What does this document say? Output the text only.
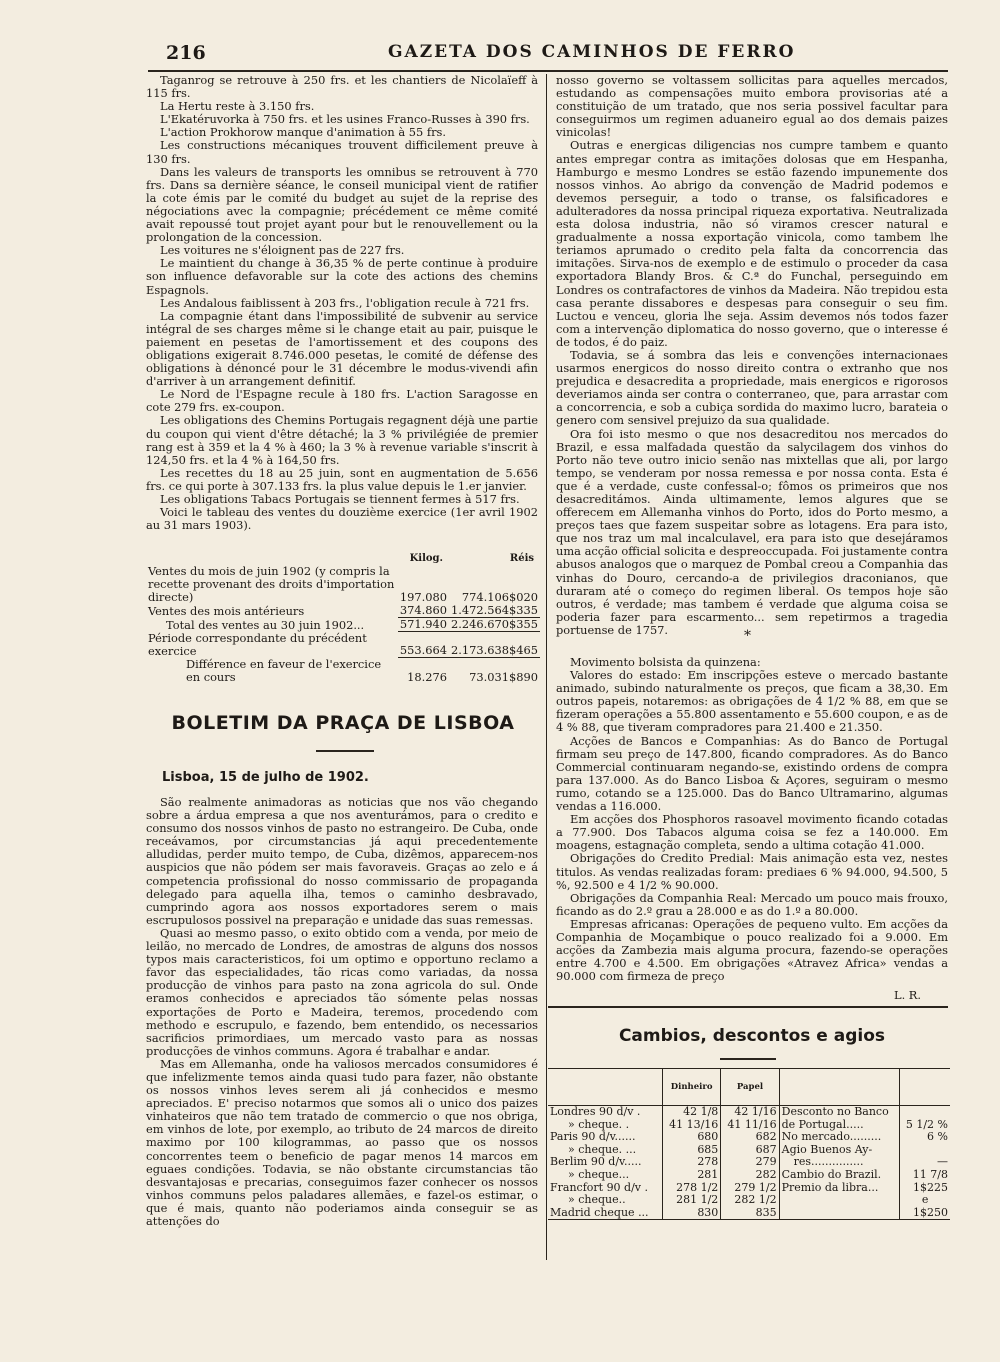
216	GAZETA DOS CAMINHOS DE FERRO

Taganrog se retrouve à 250 frs. et les chantiers de Nicolaïeff à 115 frs.

La Hertu reste à 3.150 frs.

L'Ekatéruvorka à 750 frs. et les usines Franco-Russes à 390 frs.

L'action Prokhorow manque d'animation à 55 frs.

Les constructions mécaniques trouvent difficilement preuve à 130 frs.

Dans les valeurs de transports les omnibus se retrouvent à 770 frs. Dans sa dernière séance, le conseil municipal vient de ratifier la cote émis par le comité du budget au sujet de la reprise des négociations avec la compagnie; précédement ce même comité avait repoussé tout projet ayant pour but le renouvellement ou la prolongation de la concession.

Les voitures ne s'éloignent pas de 227 frs.

Le maintient du change à 36,35 % de perte continue à produire son influence defavorable sur la cote des actions des chemins Espagnols.

Les Andalous faiblissent à 203 frs., l'obligation recule à 721 frs.

La compagnie étant dans l'impossibilité de subvenir au service intégral de ses charges même si le change etait au pair, puisque le paiement en pesetas de l'amortissement et des coupons des obligations exigerait 8.746.000 pesetas, le comité de défense des obligations à dénoncé pour le 31 décembre le modus-vivendi afin d'arriver à un arrangement definitif.

Le Nord de l'Espagne recule à 180 frs. L'action Saragosse en cote 279 frs. ex-coupon.

Les obligations des Chemins Portugais regagnent déjà une partie du coupon qui vient d'être détaché; la 3 % privilégiée de premier rang est à 359 et la 4 % à 460; la 3 % à revenue variable s'inscrit à 124,50 frs. et la 4 % à 164,50 frs.

Les recettes du 18 au 25 juin, sont en augmentation de 5.656 frs. ce qui porte à 307.133 frs. la plus value depuis le 1.er janvier.

Les obligations Tabacs Portugais se tiennent fermes à 517 frs.

Voici le tableau des ventes du douzième exercice (1er avril 1902 au 31 mars 1903).

	Kilog.	Réis
Ventes du mois de juin 1902 (y compris la recette provenant des droits d'importation directe)	197.080	774.106$020
Ventes des mois antérieurs	374.860	1.472.564$335
Total des ventes au 30 juin 1902...	571.940	2.246.670$355
Période correspondante du précédent exercice	553.664	2.173.638$465
Différence en faveur de l'exercice en cours	18.276	73.031$890
BOLETIM DA PRAÇA DE LISBOA
Lisboa, 15 de julho de 1902.

São realmente animadoras as noticias que nos vão chegando sobre a árdua empresa a que nos aventurámos, para o credito e consumo dos nossos vinhos de pasto no estrangeiro. De Cuba, onde receávamos, por circumstancias já aqui precedentemente alludidas, perder muito tempo, de Cuba, dizêmos, apparecem-nos auspicios que não pódem ser mais favoraveis. Graças ao zelo e á competencia profissional do nosso commissario de propaganda delegado para aquella ilha, temos o caminho desbravado, cumprindo agora aos nossos exportadores serem o mais escrupulosos possivel na preparação e unidade das suas remessas.

Quasi ao mesmo passo, o exito obtido com a venda, por meio de leilão, no mercado de Londres, de amostras de alguns dos nossos typos mais caracteristicos, foi um optimo e opportuno reclamo a favor das especialidades, tão ricas como variadas, da nossa producção de vinhos para pasto na zona agricola do sul. Onde eramos conhecidos e apreciados tão sómente pelas nossas exportações de Porto e Madeira, teremos, procedendo com methodo e escrupulo, e fazendo, bem entendido, os necessarios sacrificios primordiaes, um mercado vasto para as nossas producções de vinhos communs. Agora é trabalhar e andar.

Mas em Allemanha, onde ha valiosos mercados consumidores é que infelizmente temos ainda quasi tudo para fazer, não obstante os nossos vinhos leves serem ali já conhecidos e mesmo apreciados. E' preciso notarmos que somos ali o unico dos paizes vinhateiros que não tem tratado de commercio o que nos obriga, em vinhos de lote, por exemplo, ao tributo de 24 marcos de direito maximo por 100 kilogrammas, ao passo que os nossos concorrentes teem o beneficio de pagar menos 14 marcos em eguaes condições. Todavia, se não obstante circumstancias tão desvantajosas e precarias, conseguimos fazer conhecer os nossos vinhos communs pelos paladares allemães, e fazel-os estimar, o que é mais, quanto não poderiamos ainda conseguir se as attenções do

nosso governo se voltassem sollicitas para aquelles mercados, estudando as compensações muito embora provisorias até a constituição de um tratado, que nos seria possivel facultar para conseguirmos um regimen aduaneiro egual ao dos demais paizes vinicolas!

Outras e energicas diligencias nos cumpre tambem e quanto antes empregar contra as imitações dolosas que em Hespanha, Hamburgo e mesmo Londres se estão fazendo impunemente dos nossos vinhos. Ao abrigo da convenção de Madrid podemos e devemos perseguir, a todo o transe, os falsificadores e adulteradores da nossa principal riqueza exportativa. Neutralizada esta dolosa industria, não só viramos crescer natural e gradualmente a nossa exportação vinicola, como tambem lhe teriamos aprumado o credito pela falta da concorrencia das imitações. Sirva-nos de exemplo e de estimulo o proceder da casa exportadora Blandy Bros. & C.ª do Funchal, perseguindo em Londres os contrafactores de vinhos da Madeira. Não trepidou esta casa perante dissabores e despesas para conseguir o seu fim. Luctou e venceu, gloria lhe seja. Assim devemos nós todos fazer com a intervenção diplomatica do nosso governo, que o interesse é de todos, é do paiz.

Todavia, se á sombra das leis e convenções internacionaes usarmos energicos do nosso direito contra o extranho que nos prejudica e desacredita a propriedade, mais energicos e rigorosos deveriamos ainda ser contra o conterraneo, que, para arrastar com a concorrencia, e sob a cubiça sordida do maximo lucro, barateia o genero com sensivel prejuizo da sua qualidade.

Ora foi isto mesmo o que nos desacreditou nos mercados do Brazil, e essa malfadada questão da salycilagem dos vinhos do Porto não teve outro inicio senão nas mixtellas que ali, por largo tempo, se venderam por nossa remessa e por nossa conta. Esta é que é a verdade, custe confessal-o; fômos os primeiros que nos desacreditámos. Ainda ultimamente, lemos algures que se offerecem em Allemanha vinhos do Porto, idos do Porto mesmo, a preços taes que fazem suspeitar sobre as lotagens. Era para isto, que nos traz um mal incalculavel, era para isto que desejáramos uma acção official solicita e despreoccupada. Foi justamente contra abusos analogos que o marquez de Pombal creou a Companhia das vinhas do Douro, cercando-a de privilegios draconianos, que duraram até o começo do regimen liberal. Os tempos hoje são outros, é verdade; mas tambem é verdade que alguma coisa se poderia fazer para escarmento... sem repetirmos a tragedia portuense de 1757.	*

Movimento bolsista da quinzena:

Valores do estado: Em inscripções esteve o mercado bastante animado, subindo naturalmente os preços, que ficam a 38,30. Em outros papeis, notaremos: as obrigações de 4 1/2 % 88, em que se fizeram operações a 55.800 assentamento e 55.600 coupon, e as de 4 % 88, que tiveram compradores para 21.400 e 21.350.

Acções de Bancos e Companhias: As do Banco de Portugal firmam seu preço de 147.800, ficando compradores. As do Banco Commercial continuaram negando-se, existindo ordens de compra para 137.000. As do Banco Lisboa & Açores, seguiram o mesmo rumo, cotando se a 125.000. Das do Banco Ultramarino, algumas vendas a 116.000.

Em acções dos Phosphoros rasoavel movimento ficando cotadas a 77.900. Dos Tabacos alguma coisa se fez a 140.000. Em moagens, estagnação completa, sendo a ultima cotação 41.000.

Obrigações do Credito Predial: Mais animação esta vez, nestes titulos. As vendas realizadas foram: prediaes 6 % 94.000, 94.500, 5 %, 92.500 e 4 1/2 % 90.000.

Obrigações da Companhia Real: Mercado um pouco mais frouxo, ficando as do 2.º grau a 28.000 e as do 1.º a 80.000.

Empresas africanas: Operações de pequeno vulto. Em acções da Companhia de Moçambique o pouco realizado foi a 9.000. Em acções da Zambezia mais alguma procura, fazendo-se operações entre 4.700 e 4.500. Em obrigações «Atravez Africa» vendas a 90.000 com firmeza de preço

L. R.
Cambios, descontos e agios
	Dinheiro	Papel		
Londres 90 d/v .	42 1/8	42 1/16	Desconto no Banco	
» cheque. .	41 13/16	41 11/16	de Portugal.....	5 1/2 %
Paris 90 d/v......	680	682	No mercado.........	6 %
» cheque. ...	685	687	Agio Buenos Ay-	
Berlim 90 d/v.....	278	279	res...............	—
» cheque...	281	282	Cambio do Brazil.	11 7/8
Francfort 90 d/v .	278 1/2	279 1/2	Premio da libra...	1$225
» cheque..	281 1/2	282 1/2		e
Madrid cheque ...	830	835		1$250
